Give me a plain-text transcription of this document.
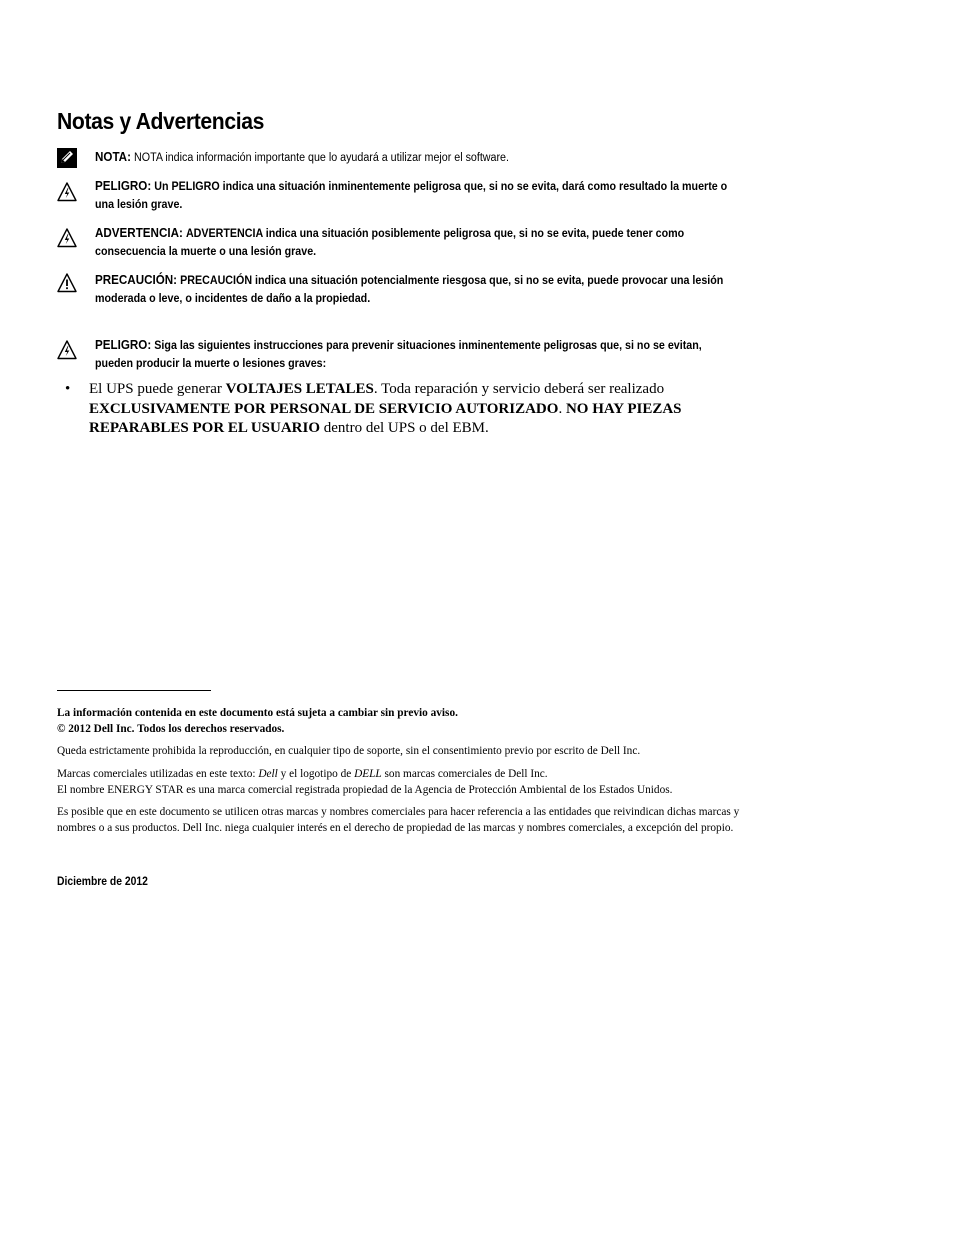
Notas y Advertencias
NOTA: NOTA indica información importante que lo ayudará a utilizar mejor el software.
PELIGRO: Un PELIGRO indica una situación inminentemente peligrosa que, si no se evita, dará como resultado la muerte o una lesión grave.
ADVERTENCIA: ADVERTENCIA indica una situación posiblemente peligrosa que, si no se evita, puede tener como consecuencia la muerte o una lesión grave.
PRECAUCIÓN: PRECAUCIÓN indica una situación potencialmente riesgosa que, si no se evita, puede provocar una lesión moderada o leve, o incidentes de daño a la propiedad.
PELIGRO: Siga las siguientes instrucciones para prevenir situaciones inminentemente peligrosas que, si no se evitan, pueden producir la muerte o lesiones graves:
• El UPS puede generar VOLTAJES LETALES. Toda reparación y servicio deberá ser realizado EXCLUSIVAMENTE POR PERSONAL DE SERVICIO AUTORIZADO. NO HAY PIEZAS REPARABLES POR EL USUARIO dentro del UPS o del EBM.
La información contenida en este documento está sujeta a cambiar sin previo aviso.
© 2012 Dell Inc. Todos los derechos reservados.
Queda estrictamente prohibida la reproducción, en cualquier tipo de soporte, sin el consentimiento previo por escrito de Dell Inc.
Marcas comerciales utilizadas en este texto: Dell y el logotipo de DELL son marcas comerciales de Dell Inc.
El nombre ENERGY STAR es una marca comercial registrada propiedad de la Agencia de Protección Ambiental de los Estados Unidos.
Es posible que en este documento se utilicen otras marcas y nombres comerciales para hacer referencia a las entidades que reivindican dichas marcas y nombres o a sus productos. Dell Inc. niega cualquier interés en el derecho de propiedad de las marcas y nombres comerciales, a excepción del propio.
Diciembre de 2012
